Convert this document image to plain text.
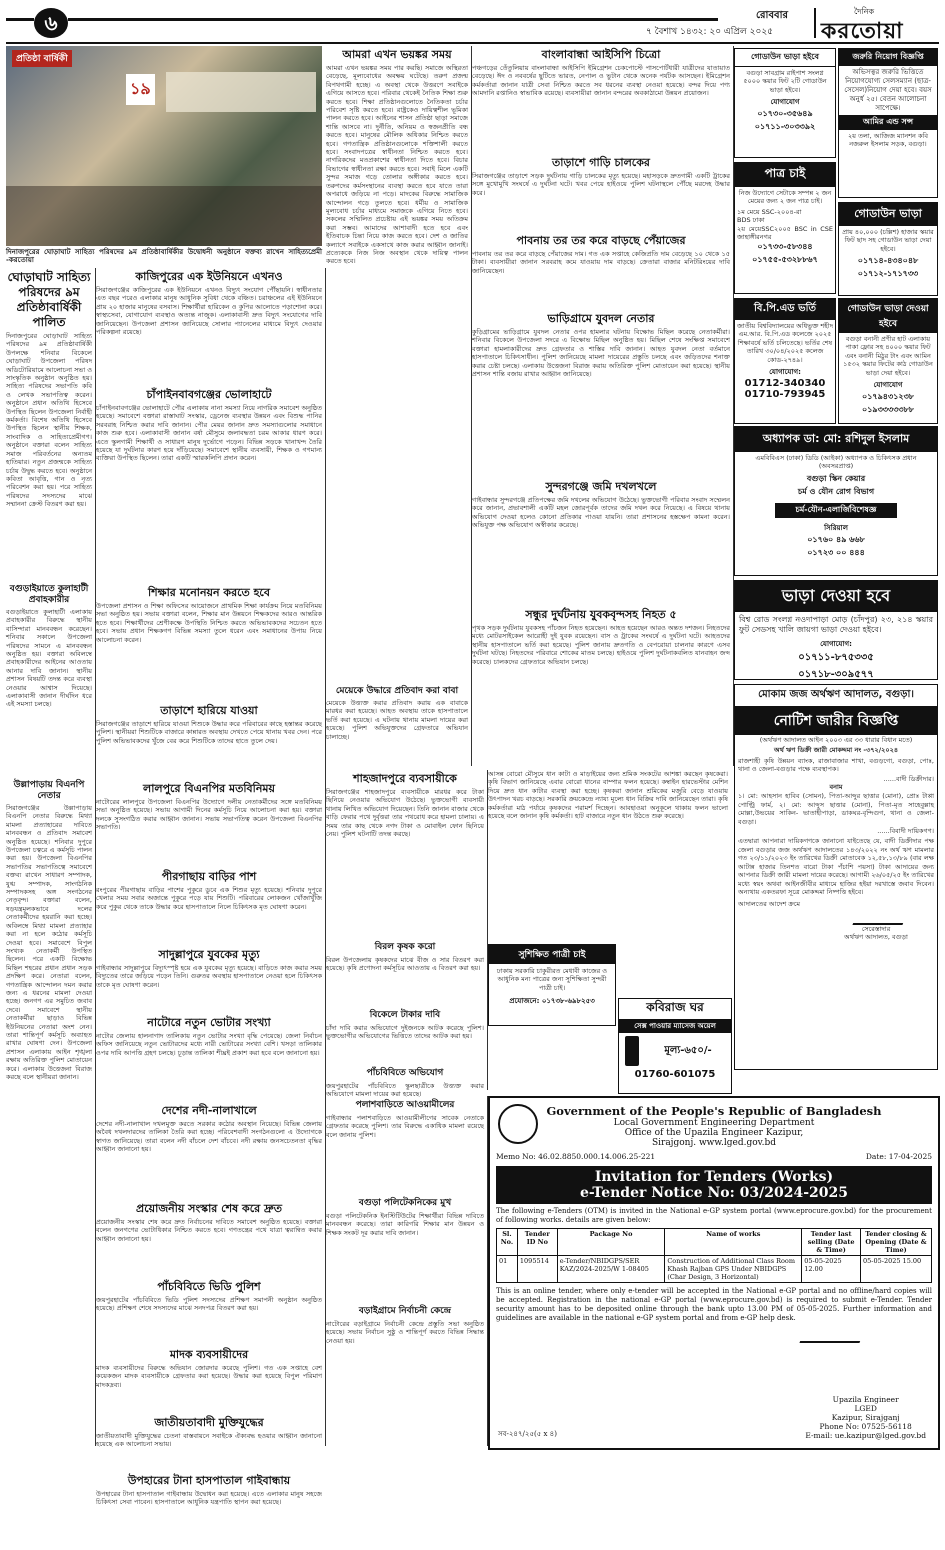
৬	রোববার
৭ বৈশাখ ১৪৩২: ২০ এপ্রিল ২০২৫
দৈনিক
করতোয়া
প্রতিষ্ঠা বার্ষিকী
১৯
দিনাজপুরের ঘোড়াঘাট সাহিত্য পরিষদের ৯ম প্রতিষ্ঠাবার্ষিকীর উদ্বোধনী অনুষ্ঠানে বক্তব্য রাখেন সাহিত্যপ্রেমী -করতোয়া
ঘোড়াঘাট সাহিত্য পরিষদের ৯ম প্রতিষ্ঠাবার্ষিকী পালিত
দিনাজপুরের ঘোড়াঘাট সাহিত্য পরিষদের ৯ম প্রতিষ্ঠাবার্ষিকী উপলক্ষে শনিবার বিকেলে ঘোড়াঘাট উপজেলা পরিষদ অডিটোরিয়ামে আলোচনা সভা ও সাংস্কৃতিক অনুষ্ঠান অনুষ্ঠিত হয়। সাহিত্য পরিষদের সভাপতি কবি ও লেখক সভাপতিত্ব করেন। অনুষ্ঠানে প্রধান অতিথি হিসেবে উপস্থিত ছিলেন উপজেলা নির্বাহী কর্মকর্তা। বিশেষ অতিথি হিসেবে উপস্থিত ছিলেন স্থানীয় শিক্ষক, সাংবাদিক ও সাহিত্যপ্রেমীগণ। অনুষ্ঠানে বক্তারা বলেন সাহিত্য সমাজ পরিবর্তনের অন্যতম হাতিয়ার। নতুন প্রজন্মকে সাহিত্য চর্চায় উদ্বুদ্ধ করতে হবে। অনুষ্ঠানে কবিতা আবৃত্তি, গান ও নৃত্য পরিবেশন করা হয়। পরে সাহিত্য পরিষদের সদস্যদের মাঝে সম্মাননা ক্রেস্ট বিতরণ করা হয়।
বগুড়াইয়াতে কুলাহাটী প্রবাহকারীর
বগুড়াইয়াতে কুলাহাটী এলাকায় প্রবাহকারীর বিরুদ্ধে স্থানীয় বাসিন্দারা মানববন্ধন করেছেন। শনিবার সকালে উপজেলা পরিষদের সামনে এ মানববন্ধন অনুষ্ঠিত হয়। বক্তারা অবিলম্বে প্রবাহকারীদের আইনের আওতায় আনার দাবি জানান। স্থানীয় প্রশাসন বিষয়টি তদন্ত করে ব্যবস্থা নেওয়ার আশ্বাস দিয়েছে। এলাকাবাসী জানান দীর্ঘদিন ধরে এই সমস্যা চলছে।
উল্লাপাড়ায় বিএনপি নেতার
সিরাজগঞ্জের উল্লাপাড়ায় বিএনপি নেতার বিরুদ্ধে মিথ্যা মামলা প্রত্যাহারের দাবিতে মানববন্ধন ও প্রতিবাদ সমাবেশ অনুষ্ঠিত হয়েছে। শনিবার দুপুরে উপজেলা চত্বরে এ কর্মসূচি পালন করা হয়। উপজেলা বিএনপির সভাপতির সভাপতিত্বে সমাবেশে বক্তব্য রাখেন সাধারণ সম্পাদক, যুগ্ম সম্পাদক, সাংগঠনিক সম্পাদকসহ অঙ্গ সংগঠনের নেতৃবৃন্দ। বক্তারা বলেন, ষড়যন্ত্রমূলকভাবে দলের নেতাকর্মীদের হয়রানি করা হচ্ছে। অবিলম্বে মিথ্যা মামলা প্রত্যাহার করা না হলে কঠোর কর্মসূচি দেওয়া হবে। সমাবেশে বিপুল সংখ্যক নেতাকর্মী উপস্থিত ছিলেন। পরে একটি বিক্ষোভ মিছিল শহরের প্রধান প্রধান সড়ক প্রদক্ষিণ করে। নেতারা বলেন, গণতান্ত্রিক আন্দোলন দমন করার জন্য এ ধরনের মামলা দেওয়া হচ্ছে। জনগণ এর সমুচিত জবাব দেবে। সমাবেশে স্থানীয় নেতাকর্মীরা ছাড়াও বিভিন্ন ইউনিয়নের নেতারা অংশ নেন। তারা শান্তিপূর্ণ কর্মসূচি অব্যাহত রাখার ঘোষণা দেন। উপজেলা প্রশাসন এলাকায় আইন শৃঙ্খলা রক্ষায় অতিরিক্ত পুলিশ মোতায়েন করে। এলাকায় উত্তেজনা বিরাজ করছে বলে স্থানীয়রা জানান।
কাজিপুরের এক ইউনিয়নে এখনও
সিরাজগঞ্জের কাজিপুরের এক ইউনিয়নে এখনও বিদ্যুৎ সংযোগ পৌঁছায়নি। স্বাধীনতার এত বছর পরেও এলাকার মানুষ আধুনিক সুবিধা থেকে বঞ্চিত। চরাঞ্চলের এই ইউনিয়নে প্রায় ২০ হাজার মানুষের বসবাস। শিক্ষার্থীরা হারিকেন ও কুপির আলোতে পড়াশোনা করে। স্বাস্থ্যসেবা, যোগাযোগ ব্যবস্থাও অত্যন্ত নাজুক। এলাকাবাসী দ্রুত বিদ্যুৎ সংযোগের দাবি জানিয়েছেন। উপজেলা প্রশাসন জানিয়েছে সোলার প্যানেলের মাধ্যমে বিদ্যুৎ দেওয়ার পরিকল্পনা রয়েছে।
চাঁপাইনবাবগঞ্জের ভোলাহাটে
চাঁপাইনবাবগঞ্জের ভোলাহাটে পৌর এলাকায় নানা সমস্যা নিয়ে নাগরিক সমাবেশ অনুষ্ঠিত হয়েছে। সমাবেশে বক্তারা রাস্তাঘাট সংস্কার, ড্রেনেজ ব্যবস্থার উন্নয়ন এবং বিশুদ্ধ পানির সরবরাহ নিশ্চিত করার দাবি জানান। পৌর মেয়র জানান দ্রুত সমস্যাগুলোর সমাধানে কাজ শুরু হবে। এলাকাবাসী জানান বর্ষা মৌসুমে জলাবদ্ধতা চরম আকার ধারণ করে। এতে স্কুলগামী শিক্ষার্থী ও সাধারণ মানুষ দুর্ভোগে পড়েন। বিভিন্ন সড়কে খানাখন্দ তৈরি হয়েছে যা দুর্ঘটনার কারণ হয়ে দাঁড়িয়েছে। সমাবেশে স্থানীয় ব্যবসায়ী, শিক্ষক ও গণমান্য ব্যক্তিরা উপস্থিত ছিলেন। তারা একটি স্মারকলিপি প্রদান করেন।
শিক্ষার মনোনয়ন করতে হবে
উপজেলা প্রশাসন ও শিক্ষা অফিসের আয়োজনে প্রাথমিক শিক্ষা কার্যক্রম নিয়ে মতবিনিময় সভা অনুষ্ঠিত হয়। সভায় বক্তারা বলেন, শিক্ষার মান উন্নয়নে শিক্ষকদের আরও আন্তরিক হতে হবে। শিক্ষার্থীদের শ্রেণীকক্ষে উপস্থিতি নিশ্চিত করতে অভিভাবকদের সচেতন হতে হবে। সভায় প্রধান শিক্ষকগণ বিভিন্ন সমস্যা তুলে ধরেন এবং সমাধানের উপায় নিয়ে আলোচনা করেন।
তাড়াশে হারিয়ে যাওয়া
সিরাজগঞ্জের তাড়াশে হারিয়ে যাওয়া শিশুকে উদ্ধার করে পরিবারের কাছে হস্তান্তর করেছে পুলিশ। স্থানীয়রা শিশুটিকে বাজারে কান্নারত অবস্থায় দেখতে পেয়ে থানায় খবর দেন। পরে পুলিশ অভিভাবকদের খুঁজে বের করে শিশুটিকে তাদের হাতে তুলে দেয়।
লালপুরে বিএনপির মতবিনিময়
নাটোরের লালপুরে উপজেলা বিএনপির উদ্যোগে দলীয় নেতাকর্মীদের সঙ্গে মতবিনিময় সভা অনুষ্ঠিত হয়েছে। সভায় আগামী দিনের কর্মসূচি নিয়ে আলোচনা করা হয়। বক্তারা দলকে সুসংগঠিত করার আহ্বান জানান। সভায় সভাপতিত্ব করেন উপজেলা বিএনপির সভাপতি।
পীরগাছায় বাড়ির পাশ
রংপুরের পীরগাছায় বাড়ির পাশের পুকুরে ডুবে এক শিশুর মৃত্যু হয়েছে। শনিবার দুপুরে খেলার সময় সবার অজান্তে পুকুরে পড়ে যায় শিশুটি। পরিবারের লোকজন খোঁজাখুঁজি করে পুকুর থেকে তাকে উদ্ধার করে হাসপাতালে নিলে চিকিৎসক মৃত ঘোষণা করেন।
সাদুল্লাপুরে যুবকের মৃত্যু
গাইবান্ধার সাদুল্লাপুরে বিদ্যুৎস্পৃষ্ট হয়ে এক যুবকের মৃত্যু হয়েছে। বাড়িতে কাজ করার সময় বিদ্যুতের তারে জড়িয়ে পড়েন তিনি। গুরুতর অবস্থায় হাসপাতালে নেওয়া হলে চিকিৎসক তাকে মৃত ঘোষণা করেন।
নাটোরে নতুন ভোটার সংখ্যা
নাটোর জেলায় হালনাগাদ তালিকায় নতুন ভোটার সংখ্যা বৃদ্ধি পেয়েছে। জেলা নির্বাচন অফিস জানিয়েছে নতুন ভোটারদের মধ্যে নারী ভোটারের সংখ্যা বেশি। খসড়া তালিকার ওপর দাবি আপত্তি গ্রহণ চলছে। চূড়ান্ত তালিকা শীঘ্রই প্রকাশ করা হবে বলে জানানো হয়।
দেশের নদী-নালাখালে
দেশের নদী-নালাখাল দখলমুক্ত করতে সরকার কঠোর অবস্থান নিয়েছে। বিভিন্ন জেলায় অবৈধ দখলদারদের তালিকা তৈরি করা হচ্ছে। পরিবেশবাদী সংগঠনগুলো এ উদ্যোগকে স্বাগত জানিয়েছে। তারা বলেন নদী বাঁচলে দেশ বাঁচবে। নদী রক্ষায় জনসচেতনতা বৃদ্ধির আহ্বান জানানো হয়।
প্রয়োজনীয় সংস্কার শেষ করে দ্রুত
প্রয়োজনীয় সংস্কার শেষ করে দ্রুত নির্বাচনের দাবিতে সমাবেশ অনুষ্ঠিত হয়েছে। বক্তারা বলেন জনগণের ভোটাধিকার নিশ্চিত করতে হবে। গণতন্ত্রের পথে যাত্রা ত্বরান্বিত করার আহ্বান জানানো হয়।
পাঁচবিবিতে ভিডি পুলিশ
জয়পুরহাটের পাঁচবিবিতে ভিডি পুলিশ সদস্যদের প্রশিক্ষণ সমাপনী অনুষ্ঠান অনুষ্ঠিত হয়েছে। প্রশিক্ষণ শেষে সদস্যদের মাঝে সনদপত্র বিতরণ করা হয়।
মাদক ব্যবসায়ীদের
মাদক ব্যবসায়ীদের বিরুদ্ধে অভিযান জোরদার করেছে পুলিশ। গত এক সপ্তাহে বেশ কয়েকজন মাদক ব্যবসায়ীকে গ্রেফতার করা হয়েছে। উদ্ধার করা হয়েছে বিপুল পরিমাণ মাদকদ্রব্য।
জাতীয়তাবাদী মুক্তিযুদ্ধের
জাতীয়তাবাদী মুক্তিযুদ্ধের চেতনা বাস্তবায়নে সবাইকে ঐক্যবদ্ধ হওয়ার আহ্বান জানানো হয়েছে এক আলোচনা সভায়।
উপহারের টানা হাসপাতাল গাইবান্ধায়
উপহারের টানা হাসপাতাল গাইবান্ধায় উদ্বোধন করা হয়েছে। এতে এলাকার মানুষ সহজে চিকিৎসা সেবা পাবেন। হাসপাতালে আধুনিক যন্ত্রপাতি স্থাপন করা হয়েছে।
আমরা এখন ভয়ঙ্কর সময়
আমরা এখন ভয়ঙ্কর সময় পার করছি। সমাজে অস্থিরতা বেড়েছে, মূল্যবোধের অবক্ষয় ঘটেছে। তরুণ প্রজন্ম বিপথগামী হচ্ছে। এ অবস্থা থেকে উত্তরণে সবাইকে এগিয়ে আসতে হবে। পরিবার থেকেই নৈতিক শিক্ষা শুরু করতে হবে। শিক্ষা প্রতিষ্ঠানগুলোতে নৈতিকতা চর্চার পরিবেশ সৃষ্টি করতে হবে। রাষ্ট্রকেও দায়িত্বশীল ভূমিকা পালন করতে হবে। আইনের শাসন প্রতিষ্ঠা ছাড়া সমাজে শান্তি আসবে না। দুর্নীতি, অনিয়ম ও স্বজনপ্রীতি বন্ধ করতে হবে। মানুষের মৌলিক অধিকার নিশ্চিত করতে হবে। গণতান্ত্রিক প্রতিষ্ঠানগুলোকে শক্তিশালী করতে হবে। সংবাদপত্রের স্বাধীনতা নিশ্চিত করতে হবে। নাগরিকদের মতপ্রকাশের স্বাধীনতা দিতে হবে। বিচার বিভাগের স্বাধীনতা রক্ষা করতে হবে। সবাই মিলে একটি সুন্দর সমাজ গড়ে তোলার অঙ্গীকার করতে হবে। তরুণদের কর্মসংস্থানের ব্যবস্থা করতে হবে যাতে তারা অপরাধে জড়িয়ে না পড়ে। মাদকের বিরুদ্ধে সামাজিক আন্দোলন গড়ে তুলতে হবে। ধর্মীয় ও সামাজিক মূল্যবোধ চর্চার মাধ্যমে সমাজকে এগিয়ে নিতে হবে। সকলের সম্মিলিত প্রচেষ্টায় এই ভয়ঙ্কর সময় অতিক্রম করা সম্ভব। আমাদের আশাবাদী হতে হবে এবং ইতিবাচক চিন্তা নিয়ে কাজ করতে হবে। দেশ ও জাতির কল্যাণে সবাইকে একসাথে কাজ করার আহ্বান জানাই। প্রত্যেককে নিজ নিজ অবস্থান থেকে দায়িত্ব পালন করতে হবে।
মেয়েকে উদ্ধারে প্রতিবাদ করা বাবা
মেয়েকে উত্ত্যক্ত করার প্রতিবাদ করায় এক বাবাকে মারধর করা হয়েছে। আহত অবস্থায় তাকে হাসপাতালে ভর্তি করা হয়েছে। এ ঘটনায় থানায় মামলা দায়ের করা হয়েছে। পুলিশ অভিযুক্তদের গ্রেফতারে অভিযান চালাচ্ছে।
বাংলাবান্ধা আইসিপি চিত্রো
পঞ্চগড়ের তেঁতুলিয়ায় বাংলাবান্ধা আইসিপি ইমিগ্রেশন চেকপোস্টে পাসপোর্টধারী যাত্রীদের যাতায়াত বেড়েছে। ঈদ ও নববর্ষের ছুটিতে ভারত, নেপাল ও ভুটান থেকে অনেক পর্যটক আসছেন। ইমিগ্রেশন কর্মকর্তারা জানান যাত্রী সেবা নিশ্চিত করতে সব ধরনের ব্যবস্থা নেওয়া হয়েছে। বন্দর দিয়ে পণ্য আমদানি রপ্তানিও স্বাভাবিক রয়েছে। ব্যবসায়ীরা জানান বন্দরের অবকাঠামো উন্নয়ন প্রয়োজন।
তাড়াশে গাড়ি চালকের
সিরাজগঞ্জের তাড়াশে সড়ক দুর্ঘটনায় গাড়ি চালকের মৃত্যু হয়েছে। মহাসড়কে দ্রুতগামী একটি ট্রাকের সঙ্গে মুখোমুখি সংঘর্ষে এ দুর্ঘটনা ঘটে। খবর পেয়ে হাইওয়ে পুলিশ ঘটনাস্থলে পৌঁছে মরদেহ উদ্ধার করে।
পাবনায় তর তর করে বাড়ছে পেঁয়াজের
পাবনায় তর তর করে বাড়ছে পেঁয়াজের দাম। গত এক সপ্তাহে কেজিপ্রতি দাম বেড়েছে ১০ থেকে ১৫ টাকা। ব্যবসায়ীরা জানান সরবরাহ কমে যাওয়ায় দাম বাড়ছে। ক্রেতারা বাজার মনিটরিংয়ের দাবি জানিয়েছেন।
ভাড়িগ্রামে যুবদল নেতার
কুড়িগ্রামের ভাড়িগ্রামে যুবদল নেতার ওপর হামলার ঘটনায় বিক্ষোভ মিছিল করেছে নেতাকর্মীরা। শনিবার বিকেলে উপজেলা সদরে এ বিক্ষোভ মিছিল অনুষ্ঠিত হয়। মিছিল শেষে সংক্ষিপ্ত সমাবেশে বক্তারা হামলাকারীদের দ্রুত গ্রেফতার ও শাস্তির দাবি জানান। আহত যুবদল নেতা বর্তমানে হাসপাতালে চিকিৎসাধীন। পুলিশ জানিয়েছে মামলা দায়েরের প্রস্তুতি চলছে এবং জড়িতদের শনাক্ত করার চেষ্টা চলছে। এলাকায় উত্তেজনা বিরাজ করায় অতিরিক্ত পুলিশ মোতায়েন করা হয়েছে। স্থানীয় প্রশাসন শান্তি বজায় রাখার আহ্বান জানিয়েছে।
সুন্দরগঞ্জে জমি দখলখলে
গাইবান্ধার সুন্দরগঞ্জে প্রতিপক্ষের জমি দখলের অভিযোগ উঠেছে। ভুক্তভোগী পরিবার সংবাদ সম্মেলন করে জানান, প্রভাবশালী একটি মহল জোরপূর্বক তাদের জমি দখল করে নিয়েছে। এ বিষয়ে থানায় অভিযোগ দেওয়া হলেও কোনো প্রতিকার পাওয়া যায়নি। তারা প্রশাসনের হস্তক্ষেপ কামনা করেন। অভিযুক্ত পক্ষ অভিযোগ অস্বীকার করেছে।
সন্ধুর দুর্ঘটনায় যুবকবৃন্দসহ নিহত ৫
পৃথক সড়ক দুর্ঘটনায় যুবকসহ পাঁচজন নিহত হয়েছেন। আহত হয়েছেন আরও অন্তত দশজন। নিহতদের মধ্যে মোটরসাইকেল আরোহী দুই যুবক রয়েছেন। বাস ও ট্রাকের সংঘর্ষে এ দুর্ঘটনা ঘটে। আহতদের স্থানীয় হাসপাতালে ভর্তি করা হয়েছে। পুলিশ জানায় দ্রুতগতি ও বেপরোয়া চালনার কারণে এসব দুর্ঘটনা ঘটছে। নিহতদের পরিবারে শোকের মাতম চলছে। হাইওয়ে পুলিশ দুর্ঘটনাকবলিত যানবাহন জব্দ করেছে। চালকদের গ্রেফতারে অভিযান চলছে।
গোডাউন ভাড়া হইবে
বগুড়া সাবগ্রাম রাইপাশ সংলগ্ন ৫০০০ স্কয়ার ফিট ২টি গোডাউন ভাড়া হইবে।
যোগাযোগ
০১৭৩০-৩৫৬৪৯
০১৭১১-৩০৩৩৯২
জরুরি নিয়োগ বিজ্ঞপ্তি
অভিসত্বর জরুরি ভিত্তিতে নিয়োগযোগ্য সেলসম্যান (ছাত্র-সেসেল)নিয়োগ দেয়া হবে। বয়স অনুর্ধ ২৫। বেতন আলোচনা সাপেক্ষে।
আমির এন্ড সন্স
২য় তলা, আজিজ ম্যানশন কবি নজরুল ইসলাম সড়ক, বগুড়া।
পাত্র চাই
নিজ উদ্যোগে সেটাকে সম্পন্ন ২ জন মেয়ের জন্য ২ জন পাত্র চাই।
১ম মেয়ে SSC-২০০৪-রা
BDS ঢাকা
২য় মেয়েSSC২০০৫ BSC in CSE জাহাঙ্গীরনগর
০১৭৩৩-৫৮৩৪৪
০১৭৫৫-৫৩২৮৮৬৭
গোডাউন ভাড়া
প্রায় ৪০,০০০ (চল্লিশ) হাজার স্কয়ার ফিট ছাদ সহ গোডাউন ভাড়া দেয়া হইবে।
০১৭১৪-৪৩৪০৪৮
০১৭১২-১৭১৭৩৩
বি.পি.এড ভর্তি
জাতীয় বিশ্ববিদ্যালয়ের অধিভুক্ত শহীদ এম.আর. বি.পি.এড কলেজে ২০২৫ শিক্ষাবর্ষে ভর্তি চলিতেছে। ভর্তির শেষ তারিখ ৩০/০৪/২০২৫ কলেজ কোড-২৭৪৯।
যোগাযোগ:
01712-340340
01710-793945
গোডাউন ভাড়া দেওয়া হইবে
বগুড়া বনানী প্রণীর হাট এলাকায় পাকা ফ্লোর সহ ৪০০০ স্কয়ার ফিট এবং বনানী মিঠুর টাং এবং আমিন ১৫৩২ স্কয়ার ফিটের কাঠ গোডাউন ভাড়া দেয়া হইবে।
যোগাযোগ
০১৭৯৪৩১২৩৮
০১৯৩৩৩৩৩৮৮
অধ্যাপক ডা: মো: রশিদুল ইসলাম
এমবিবিএস (ঢাকা) ডিডি (আইকা) অধ্যাপক ও চিকিৎসক প্রধান (অবসরপ্রাপ্ত)
বগুড়া স্কিন কেয়ার
চর্ম ও যৌন রোগ বিভাগ
চর্ম-যৌন-এলার্জিবিশেষজ্ঞ
সিরিয়াল
০১৭৬০ ৪৯ ৬৬৮
০১৭২৩ ০০ ৪৪৪
ভাড়া দেওয়া হবে
বিশ্ব রোড সংলগ্ন নওদাপাড়া মোড় (চাঁদপুর) ২৩, ২১৪ স্কয়ার ফুট সেডসহ খালি জায়গা ভাড়া দেওয়া হইবে।
যোগাযোগ:
০১৭১১-৮৭৫৩৩৫
০১৭১৮-৩০৯৫৭৭
মোকাম জজ অর্থঋণ আদালত, বগুড়া।
নোটিশ জারীর বিজ্ঞপ্তি
(অর্থঋণ আদালত আইন ২০০৩ এর ৩৩ ধারার বিধান মতে)
অর্থ ঋণ ডিক্রী জারী মোকদ্দমা নং -৩৭২/২০২৪
রাজশাহী কৃষি উন্নয়ন ব্যাংক, রাজাবাজার শাখা, বগুড়গো, বগুড়া, পোঃ, থানা ও জেলা-বগুড়ার পক্ষে ব্যবস্থাপক।
......বাদী ডিক্রীদার।
বনাম
১। মো: আহসান হাবিব (সোমন), পিতা-আব্দুর ছাত্তার (মোনা), প্রোঃ টাপ্পা পোল্ট্রি ফার্ম, ২। মো: আব্দুস ছাত্তার (মোনা), পিতা-মৃত সাহেবুল্লাহ মোল্লা,উভয়ের সাকিন- ভাতাহীপাড়া, ডাকঘর-বৃন্দিগুগ, থানা ও জেলা-বগুড়া।
......বিবাদী দায়িকগণ।
এতদ্বারা আপনারা দায়িকগণকে জানানো যাইতেছে যে, বাদী ডিক্রীদার পক্ষ জেলা বগুড়ার জজ অর্থঋণ আদালতের ১৪৩/২০২২ নং অর্থ ঋণ মামলার গত ২৩/১১/২০২৩ ইং তারিখের ডিক্রী মোতাবেক ১২,৫৮,১৩/৮৯ (বার লক্ষ আটান্ন হাজার তিনশত বারো টাকা পঁচাশি পয়সা) টাকা আদায়ের জন্য আপনার ডিক্রী জারী মামলা দায়ের করেছে। আগামী ২৬/০৫/২৫ ইং তারিখের মধ্যে স্বয়ং অথবা আইনজীবীর মাধ্যমে হাজির হইয়া দরখাস্তে জবাব দিবেন। অন্যথায় একতরফা সূত্রে মোকদ্দমা নিষ্পত্তি হইবে।
আদালতের আদেশ ক্রমে
সেরেস্তাদার
অর্থঋণ আদালত, বগুড়া
শাহজাদপুরে ব্যবসায়ীকে
সিরাজগঞ্জের শাহজাদপুরে ব্যবসায়ীকে মারধর করে টাকা ছিনিয়ে নেওয়ার অভিযোগ উঠেছে। ভুক্তভোগী ব্যবসায়ী থানায় লিখিত অভিযোগ দিয়েছেন। তিনি জানান বাজার থেকে বাড়ি ফেরার পথে দুর্বৃত্তরা তার পথরোধ করে হামলা চালায়। এ সময় তার কাছ থেকে নগদ টাকা ও মোবাইল ফোন ছিনিয়ে নেয়। পুলিশ ঘটনাটি তদন্ত করছে।
বিরল কৃষক করো
বিরল উপজেলায় কৃষকদের মাঝে বীজ ও সার বিতরণ করা হয়েছে। কৃষি প্রণোদনা কর্মসূচির আওতায় এ বিতরণ করা হয়।
বিকেলে টাকার দাবি
চাঁদা দাবি করার অভিযোগে দুইজনকে আটক করেছে পুলিশ। ভুক্তভোগীর অভিযোগের ভিত্তিতে তাদের আটক করা হয়।
পাঁচবিবিতে অভিযোগ
জয়পুরহাটের পাঁচবিবিতে স্কুলছাত্রীকে উত্ত্যক্ত করার অভিযোগে মামলা দায়ের করা হয়েছে।
সুশিক্ষিত পাত্রী চাই
ঢাকায় সরকারি চাকুরীরত মেধাবী কাজের ও আধুনিক মন্য পাত্রের জন্য সুশিক্ষিতা সুন্দরী পাত্রী চাই।
প্রযোজনে: ০১৭৩৮-৬৯৮২৫৩	কবিরাজ ঘর
সেক্স পাওয়ার ম্যাসেজ অয়েল
মূল্য-৬৫০/-
01760-601075
আসন্ন বোরো মৌসুমে ধান কাটা ও মাড়াইয়ের জন্য শ্রমিক সংকটের আশঙ্কা করছেন কৃষকেরা। কৃষি বিভাগ জানিয়েছে এবার বোরো ধানের বাম্পার ফলন হয়েছে। কম্বাইন হারভেস্টার মেশিন দিয়ে দ্রুত ধান কাটার ব্যবস্থা করা হচ্ছে। কৃষকরা জানান শ্রমিকের মজুরি বেড়ে যাওয়ায় উৎপাদন খরচ বাড়ছে। সরকারি ক্রয়কেন্দ্রে ন্যায্য মূল্যে ধান বিক্রির দাবি জানিয়েছেন তারা। কৃষি কর্মকর্তারা মাঠ পর্যায়ে কৃষকদের পরামর্শ দিচ্ছেন। আবহাওয়া অনুকূলে থাকায় ফলন ভালো হয়েছে বলে জানান কৃষি কর্মকর্তা। হাট বাজারে নতুন ধান উঠতে শুরু করেছে।
পলাশবাড়িতে আওয়ামীলের
গাইবান্ধার পলাশবাড়িতে আওয়ামীলীগের সাবেক নেতাকে গ্রেফতার করেছে পুলিশ। তার বিরুদ্ধে একাধিক মামলা রয়েছে বলে জানায় পুলিশ।
বগুড়া পলিটেকনিকের মুখ
বগুড়া পলিটেকনিক ইনস্টিটিউটের শিক্ষার্থীরা বিভিন্ন দাবিতে মানববন্ধন করেছে। তারা কারিগরি শিক্ষার মান উন্নয়ন ও শিক্ষক সংকট দূর করার দাবি জানান।
বড়াইগ্রামে নির্বাচনী কেন্দ্রে
নাটোরের বড়াইগ্রামে নির্বাচনী কেন্দ্রে প্রস্তুতি সভা অনুষ্ঠিত হয়েছে। সভায় নির্বাচন সুষ্ঠু ও শান্তিপূর্ণ করতে বিভিন্ন সিদ্ধান্ত নেওয়া হয়।
Government of the People's Republic of Bangladesh
Local Government Engineering Department
Office of the Upazila Engineer Kazipur,
Sirajgonj. www.lged.gov.bd
Memo No: 46.02.8850.000.14.006.25-221	Date: 17-04-2025
Invitation for Tenders (Works)
e-Tender Notice No: 03/2024-2025
The following e-Tenders (OTM) is invited in the National e-GP system portal (www.eprocure.gov.bd) for the procurement of following works. details are given below:
Sl. No.	Tender ID No	Package No	Name of works	Tender last selling (Date & Time)	Tender closing & Opening (Date & Time)
01	1095514	e-Tender/NBIDGPS/SER KAZ/2024-2025/W 1-08405	Construction of Additional Class Room Khash Rajban GPS Under NBIDGPS (Char Design, 3 Horizontal)	05-05-2025 12.00	05-05-2025 15.00
This is an online tender, where only e-tender will be accepted in the National e-GP portal and no offline/hard copies will be accepted. Registration in the national e-GP portal (www.eprocure.gov.bd) is required to submit e-Tender. Tender security amount has to be deposited online through the bank upto 13.00 PM of 05-05-2025. Further information and guidelines are available in the national e-GP system portal and from e-GP help desk.
Upazila Engineer
LGED
Kazipur, Sirajganj
Phone No: 07525-56118
E-mail: ue.kazipur@lged.gov.bd
সব-২৪৭/২৫(৫ x ৪)
